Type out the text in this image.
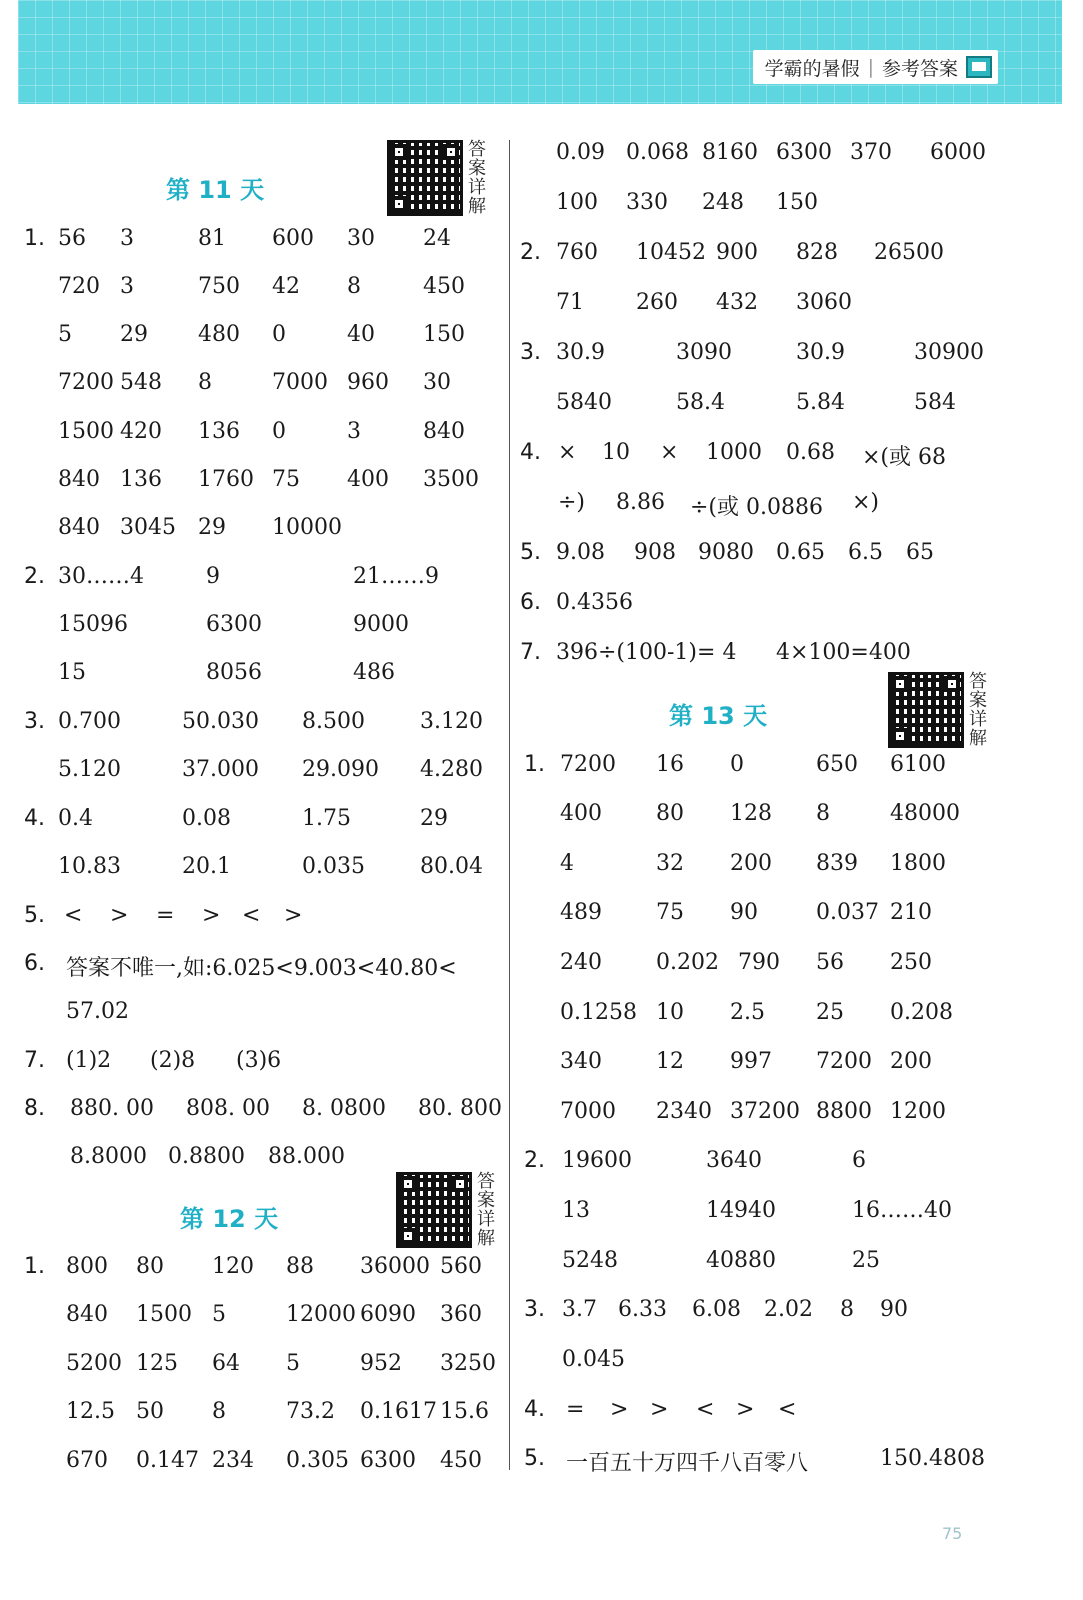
学霸的暑假 | 参考答案
第 11 天
第 12 天
第 13 天
答案详解
答案详解
答案详解
1.
2.
3.
4.
5.
6.
7.
8.
1.
2.
3.
4.
5.
6.
7.
1.
2.
3.
4.
5.
56 3	81 600 30 24
720 3	750 42 8	450
5 29 480 0	40 150
7200 548 8	7000 960 30
1500 420 136 0	3	840
840 136 1760 75 400 3500
840 3045 29 10000
30……4	9	21……9
15096	6300	9000
15	8056	486
0.700	50.030 8.500	3.120
5.120	37.000 29.090 4.280
0.4	0.08	1.75	29
10.83	20.1	0.035	80.04
< > = > < >
答案不唯一,如:6.025<9.003<40.80<
57.02
(1)2 (2)8 (3)6
880. 00 808. 00 8. 0800 80. 800
8.8000 0.8800 88.000
800 80 120 88 36000 560
840 1500 5	12000 6090 360
5200 125 64 5	952 3250
12.5 50 8	73.2 0.1617 15.6
670 0.147 234 0.305 6300 450
0.09 0.068 8160 6300 370 6000
100 330 248 150
760 10452 900 828 26500
71 260 432 3060
30.9	3090	30.9	30900
5840	58.4	5.84	584
× 10 × 1000 0.68 ×(或 68
÷) 8.86 ÷(或 0.0886 ×)
9.08 908 9080 0.65 6.5 65
0.4356
396÷(100-1)= 4 4×100=400
7200 16 0	650 6100
400 80 128 8	48000
4	32 200 839 1800
489 75 90	0.037 210
240 0.202 790 56 250
0.1258 10 2.5 25 0.208
340 12 997 7200 200
7000 2340 37200 8800 1200
19600	3640	6
13	14940	16……40
5248	40880	25
3.7 6.33 6.08 2.02 8 90
0.045
= > > < > <
一百五十万四千八百零八	150.4808
75
